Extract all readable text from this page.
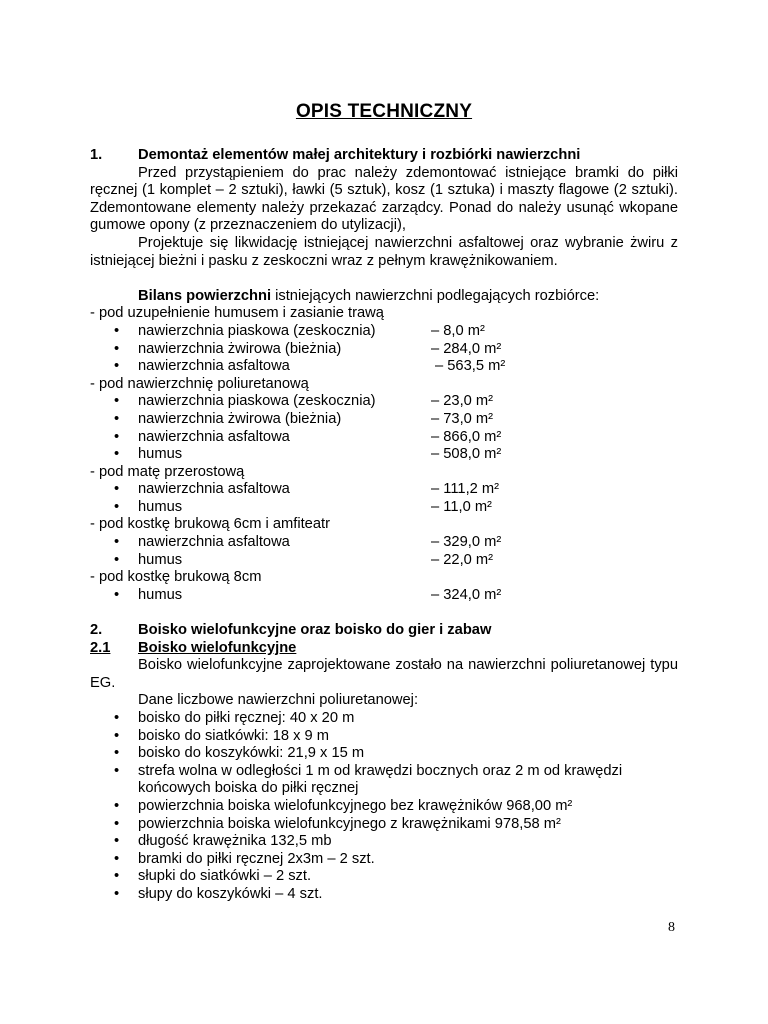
OPIS TECHNICZNY
1.	Demontaż elementów małej architektury i rozbiórki nawierzchni

Przed przystąpieniem do prac należy zdemontować istniejące bramki do piłki ręcznej (1 komplet – 2 sztuki), ławki (5 sztuk), kosz (1 sztuka) i maszty flagowe (2 sztuki). Zdemontowane elementy należy przekazać zarządcy. Ponad do należy usunąć wkopane gumowe opony (z przeznaczeniem do utylizacji),

Projektuje się likwidację istniejącej nawierzchni asfaltowej oraz wybranie żwiru z istniejącej bieżni i pasku z zeskoczni wraz z pełnym krawężnikowaniem.

Bilans powierzchni istniejących nawierzchni podlegających rozbiórce:

- pod uzupełnienie humusem i zasianie trawą

• nawierzchnia piaskowa (zeskocznia)	– 8,0 m²
• nawierzchnia żwirowa (bieżnia)	– 284,0 m²
• nawierzchnia asfaltowa	– 563,5 m²

- pod nawierzchnię poliuretanową

• nawierzchnia piaskowa (zeskocznia)	– 23,0 m²
• nawierzchnia żwirowa (bieżnia)	– 73,0 m²
• nawierzchnia asfaltowa	– 866,0 m²
• humus	– 508,0 m²

- pod matę przerostową

• nawierzchnia asfaltowa	– 111,2 m²
• humus	– 11,0 m²

- pod kostkę brukową 6cm i amfiteatr

• nawierzchnia asfaltowa	– 329,0 m²
• humus	– 22,0 m²

- pod kostkę brukową 8cm

• humus	– 324,0 m²
2.	Boisko wielofunkcyjne oraz boisko do gier i zabaw
2.1	Boisko wielofunkcyjne

Boisko wielofunkcyjne zaprojektowane zostało na nawierzchni poliuretanowej typu EG.

Dane liczbowe nawierzchni poliuretanowej:

• boisko do piłki ręcznej: 40 x 20 m
• boisko do siatkówki: 18 x 9 m
• boisko do koszykówki: 21,9 x 15 m
• strefa wolna w odległości 1 m od krawędzi bocznych oraz 2 m od krawędzi końcowych boiska do piłki ręcznej
• powierzchnia boiska wielofunkcyjnego bez krawężników 968,00 m²
• powierzchnia boiska wielofunkcyjnego z krawężnikami 978,58 m²
• długość krawężnika 132,5 mb
• bramki do piłki ręcznej 2x3m – 2 szt.
• słupki do siatkówki – 2 szt.
• słupy do koszykówki – 4 szt.
8
